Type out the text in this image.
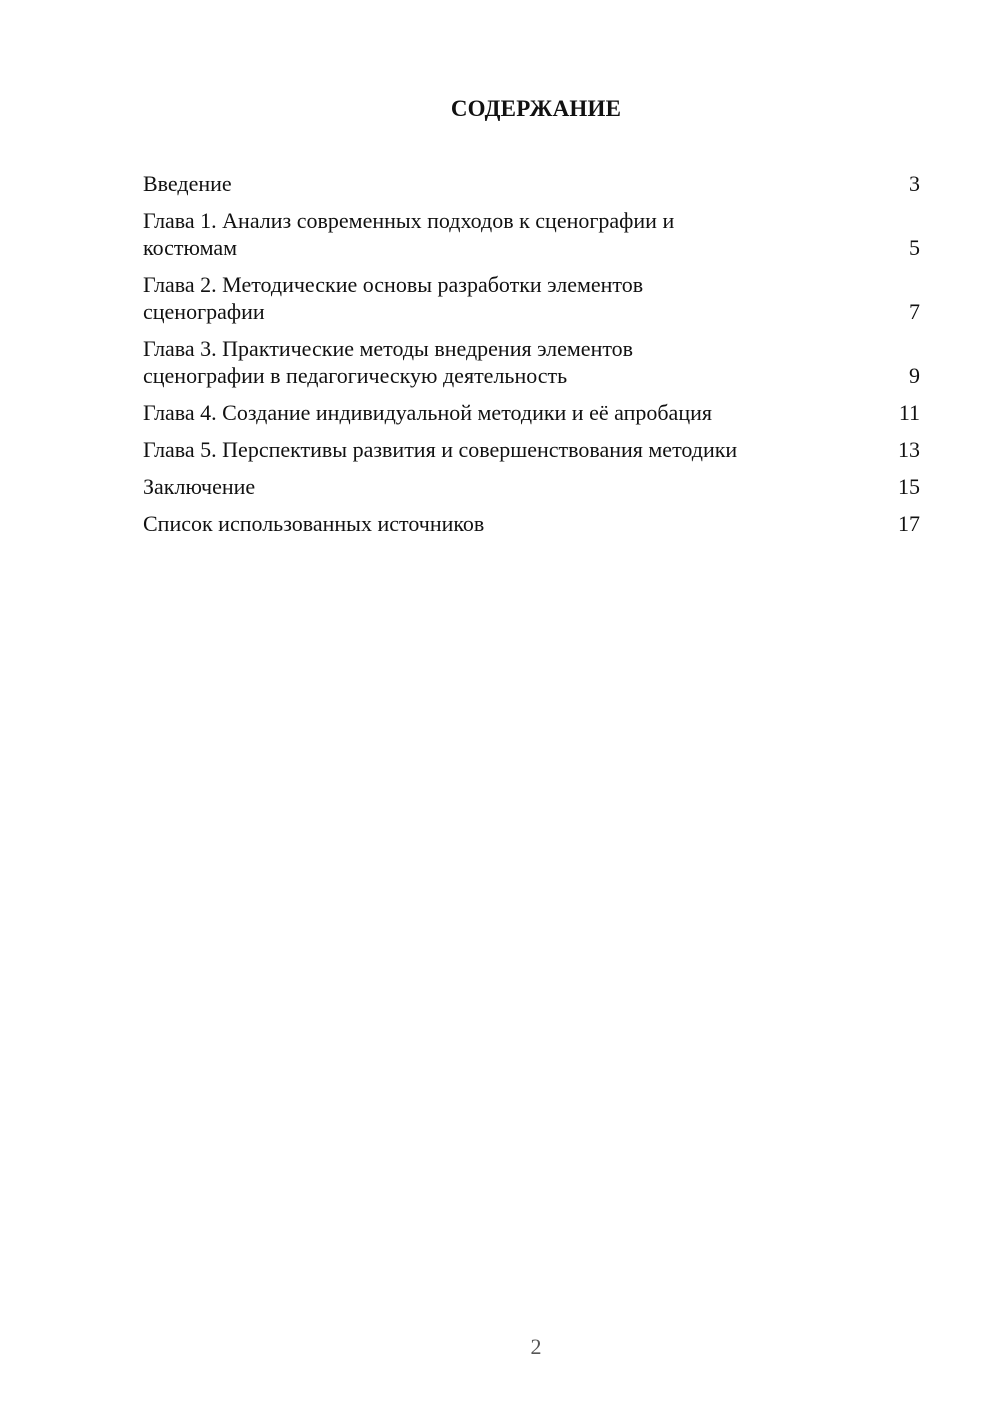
СОДЕРЖАНИЕ
Введение	3
Глава 1. Анализ современных подходов к сценографии и
костюмам	5
Глава 2. Методические основы разработки элементов
сценографии	7
Глава 3. Практические методы внедрения элементов
сценографии в педагогическую деятельность	9
Глава 4. Создание индивидуальной методики и её апробация	11
Глава 5. Перспективы развития и совершенствования методики	13
Заключение	15
Список использованных источников	17
2
